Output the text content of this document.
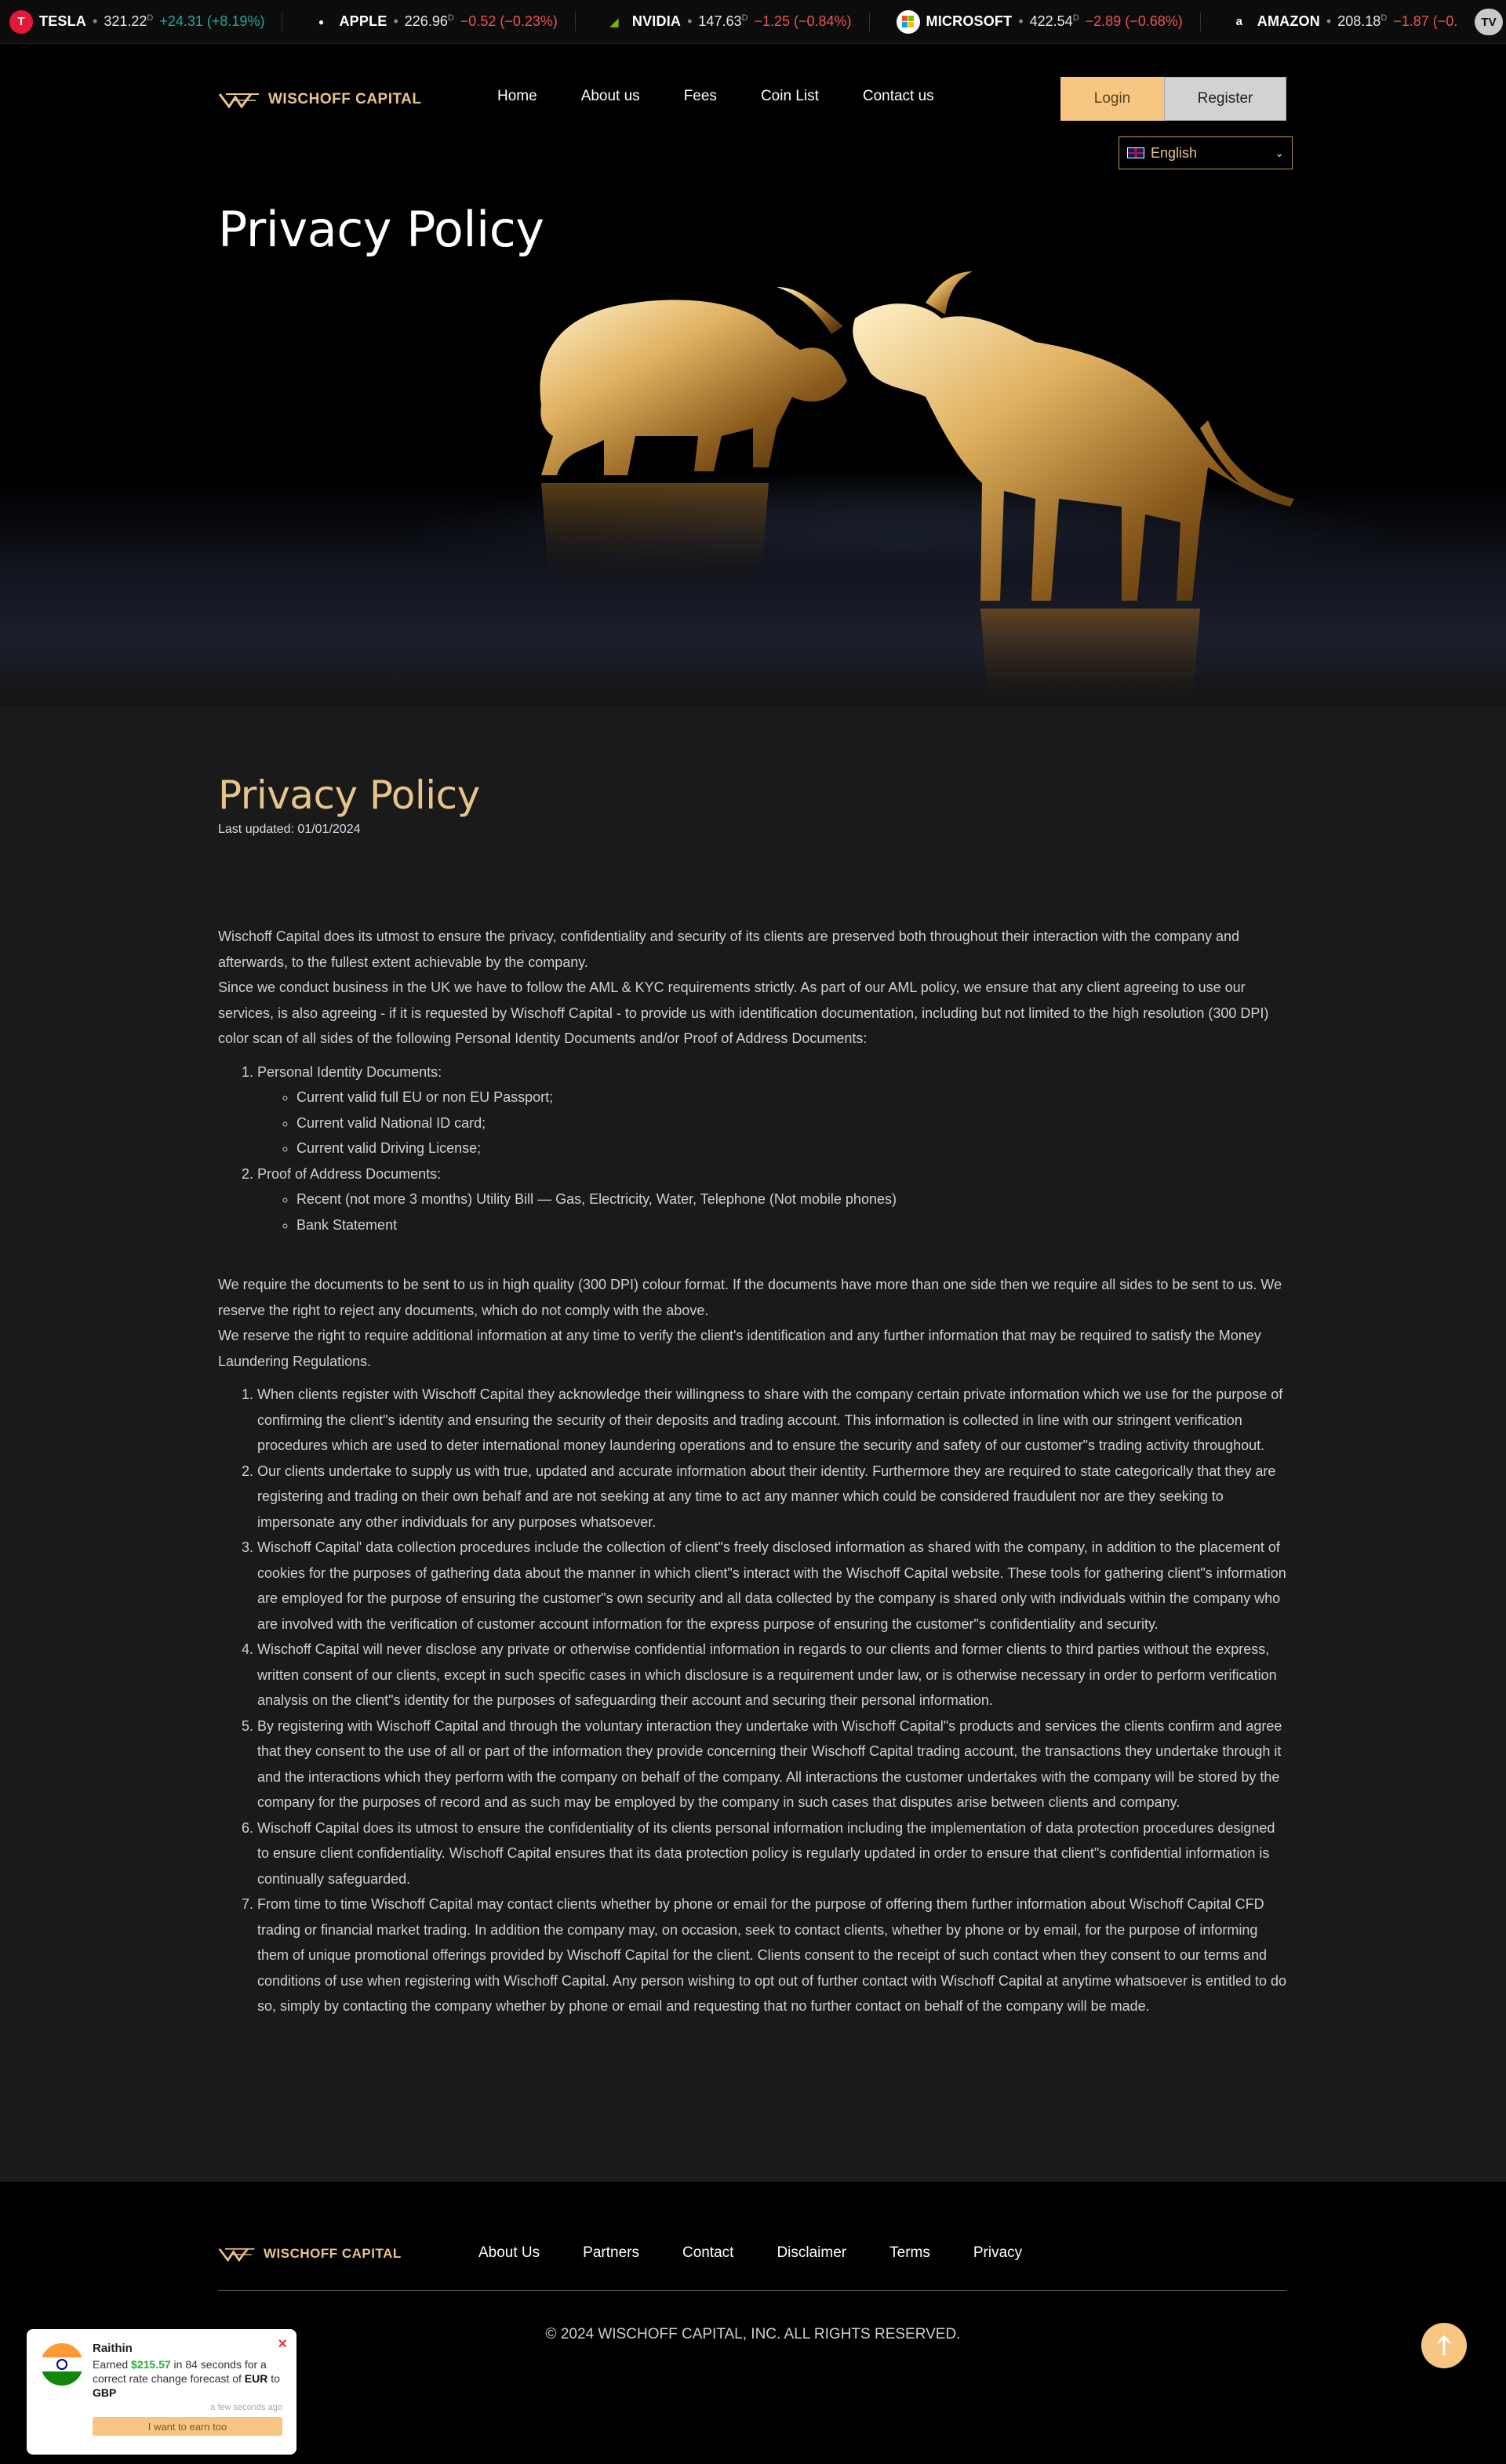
T	TESLA • $321.22^D +24.31$ (+8.19%)	●	APPLE • $226.96^D -0.52$ (−0.23%)	◢ NVIDIA • $147.63^D -1.25$ (−0.84%)	MICROSOFT • $422.54^D -2.89$ (−0.68%)	a	AMAZON • $208.18^D -1.87$ (−0.	TV
WISCHOFF CAPITAL	Home	About us	Fees	Coin List	Contact us	Login	Register
English	⌄
Privacy Policy
Privacy Policy
Last updated: 01/01/2024

Wischoff Capital does its utmost to ensure the privacy, confidentiality and security of its clients are preserved both throughout their interaction with the company and afterwards, to the fullest extent achievable by the company.

Since we conduct business in the UK we have to follow the AML & KYC requirements strictly. As part of our AML policy, we ensure that any client agreeing to use our services, is also agreeing - if it is requested by Wischoff Capital - to provide us with identification documentation, including but not limited to the high resolution (300 DPI) color scan of all sides of the following Personal Identity Documents and/or Proof of Address Documents:

1. Personal Identity Documents:
◦ Current valid full EU or non EU Passport;
◦ Current valid National ID card;
◦ Current valid Driving License;
2. Proof of Address Documents:
◦ Recent (not more 3 months) Utility Bill — Gas, Electricity, Water, Telephone (Not mobile phones)
◦ Bank Statement

We require the documents to be sent to us in high quality (300 DPI) colour format. If the documents have more than one side then we require all sides to be sent to us. We reserve the right to reject any documents, which do not comply with the above.

We reserve the right to require additional information at any time to verify the client's identification and any further information that may be required to satisfy the Money Laundering Regulations.

1. When clients register with Wischoff Capital they acknowledge their willingness to share with the company certain private information which we use for the purpose of confirming the client"s identity and ensuring the security of their deposits and trading account. This information is collected in line with our stringent verification procedures which are used to deter international money laundering operations and to ensure the security and safety of our customer"s trading activity throughout.
2. Our clients undertake to supply us with true, updated and accurate information about their identity. Furthermore they are required to state categorically that they are registering and trading on their own behalf and are not seeking at any time to act any manner which could be considered fraudulent nor are they seeking to impersonate any other individuals for any purposes whatsoever.
3. Wischoff Capital' data collection procedures include the collection of client"s freely disclosed information as shared with the company, in addition to the placement of cookies for the purposes of gathering data about the manner in which client"s interact with the Wischoff Capital website. These tools for gathering client"s information are employed for the purpose of ensuring the customer"s own security and all data collected by the company is shared only with individuals within the company who are involved with the verification of customer account information for the express purpose of ensuring the customer"s confidentiality and security.
4. Wischoff Capital will never disclose any private or otherwise confidential information in regards to our clients and former clients to third parties without the express, written consent of our clients, except in such specific cases in which disclosure is a requirement under law, or is otherwise necessary in order to perform verification analysis on the client"s identity for the purposes of safeguarding their account and securing their personal information.
5. By registering with Wischoff Capital and through the voluntary interaction they undertake with Wischoff Capital"s products and services the clients confirm and agree that they consent to the use of all or part of the information they provide concerning their Wischoff Capital trading account, the transactions they undertake through it and the interactions which they perform with the company on behalf of the company. All interactions the customer undertakes with the company will be stored by the company for the purposes of record and as such may be employed by the company in such cases that disputes arise between clients and company.
6. Wischoff Capital does its utmost to ensure the confidentiality of its clients personal information including the implementation of data protection procedures designed to ensure client confidentiality. Wischoff Capital ensures that its data protection policy is regularly updated in order to ensure that client"s confidential information is continually safeguarded.
7. From time to time Wischoff Capital may contact clients whether by phone or email for the purpose of offering them further information about Wischoff Capital CFD trading or financial market trading. In addition the company may, on occasion, seek to contact clients, whether by phone or by email, for the purpose of informing them of unique promotional offerings provided by Wischoff Capital for the client. Clients consent to the receipt of such contact when they consent to our terms and conditions of use when registering with Wischoff Capital. Any person wishing to opt out of further contact with Wischoff Capital at anytime whatsoever is entitled to do so, simply by contacting the company whether by phone or email and requesting that no further contact on behalf of the company will be made.
WISCHOFF CAPITAL	About Us	Partners	Contact	Disclaimer	Terms	Privacy
© 2024 WISCHOFF CAPITAL, INC. ALL RIGHTS RESERVED.
×
Raithin
Earned $215.57 in 84 seconds for a correct rate change forecast of EUR to GBP
a few seconds ago
I want to earn too
